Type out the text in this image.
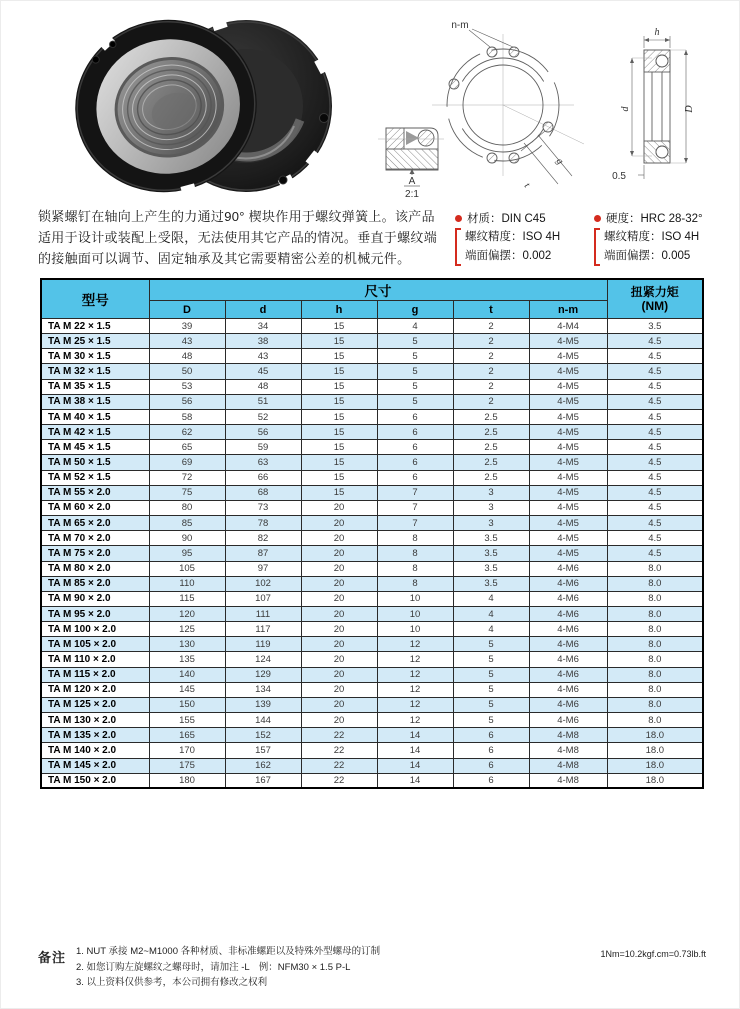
n-m
g
t
h
d	D
0.5
A
2:1
锁紧螺钉在轴向上产生的力通过90° 楔块作用于螺纹弹簧上。该产品
适用于设计或装配上受限，无法使用其它产品的情况。垂直于螺纹端
的接触面可以调节、固定轴承及其它需要精密公差的机械元件。
材质：DIN C45
螺纹精度：ISO 4H
端面偏摆：0.002
硬度：HRC 28-32°
螺纹精度：ISO 4H
端面偏摆：0.005
型号	尺寸						扭紧力矩
(NM)

	D	d	h	g	t	n-m	
TA M 22 × 1.5	39	34	15	4	2	4-M4	3.5
TA M 25 × 1.5	43	38	15	5	2	4-M5	4.5
TA M 30 × 1.5	48	43	15	5	2	4-M5	4.5
TA M 32 × 1.5	50	45	15	5	2	4-M5	4.5
TA M 35 × 1.5	53	48	15	5	2	4-M5	4.5
TA M 38 × 1.5	56	51	15	5	2	4-M5	4.5
TA M 40 × 1.5	58	52	15	6	2.5	4-M5	4.5
TA M 42 × 1.5	62	56	15	6	2.5	4-M5	4.5
TA M 45 × 1.5	65	59	15	6	2.5	4-M5	4.5
TA M 50 × 1.5	69	63	15	6	2.5	4-M5	4.5
TA M 52 × 1.5	72	66	15	6	2.5	4-M5	4.5
TA M 55 × 2.0	75	68	15	7	3	4-M5	4.5
TA M 60 × 2.0	80	73	20	7	3	4-M5	4.5
TA M 65 × 2.0	85	78	20	7	3	4-M5	4.5
TA M 70 × 2.0	90	82	20	8	3.5	4-M5	4.5
TA M 75 × 2.0	95	87	20	8	3.5	4-M5	4.5
TA M 80 × 2.0	105	97	20	8	3.5	4-M6	8.0
TA M 85 × 2.0	110	102	20	8	3.5	4-M6	8.0
TA M 90 × 2.0	115	107	20	10	4	4-M6	8.0
TA M 95 × 2.0	120	111	20	10	4	4-M6	8.0
TA M 100 × 2.0	125	117	20	10	4	4-M6	8.0
TA M 105 × 2.0	130	119	20	12	5	4-M6	8.0
TA M 110 × 2.0	135	124	20	12	5	4-M6	8.0
TA M 115 × 2.0	140	129	20	12	5	4-M6	8.0
TA M 120 × 2.0	145	134	20	12	5	4-M6	8.0
TA M 125 × 2.0	150	139	20	12	5	4-M6	8.0
TA M 130 × 2.0	155	144	20	12	5	4-M6	8.0
TA M 135 × 2.0	165	152	22	14	6	4-M8	18.0
TA M 140 × 2.0	170	157	22	14	6	4-M8	18.0
TA M 145 × 2.0	175	162	22	14	6	4-M8	18.0
TA M 150 × 2.0	180	167	22	14	6	4-M8	18.0
备注 1. NUT 承接 M2~M1000 各种材质、非标准螺距以及特殊外型螺母的订制
2. 如您订购左旋螺纹之螺母时，请加注 -L　例：NFM30 × 1.5 P-L
3. 以上资料仅供参考，本公司拥有修改之权利
1Nm=10.2kgf.cm=0.73lb.ft
